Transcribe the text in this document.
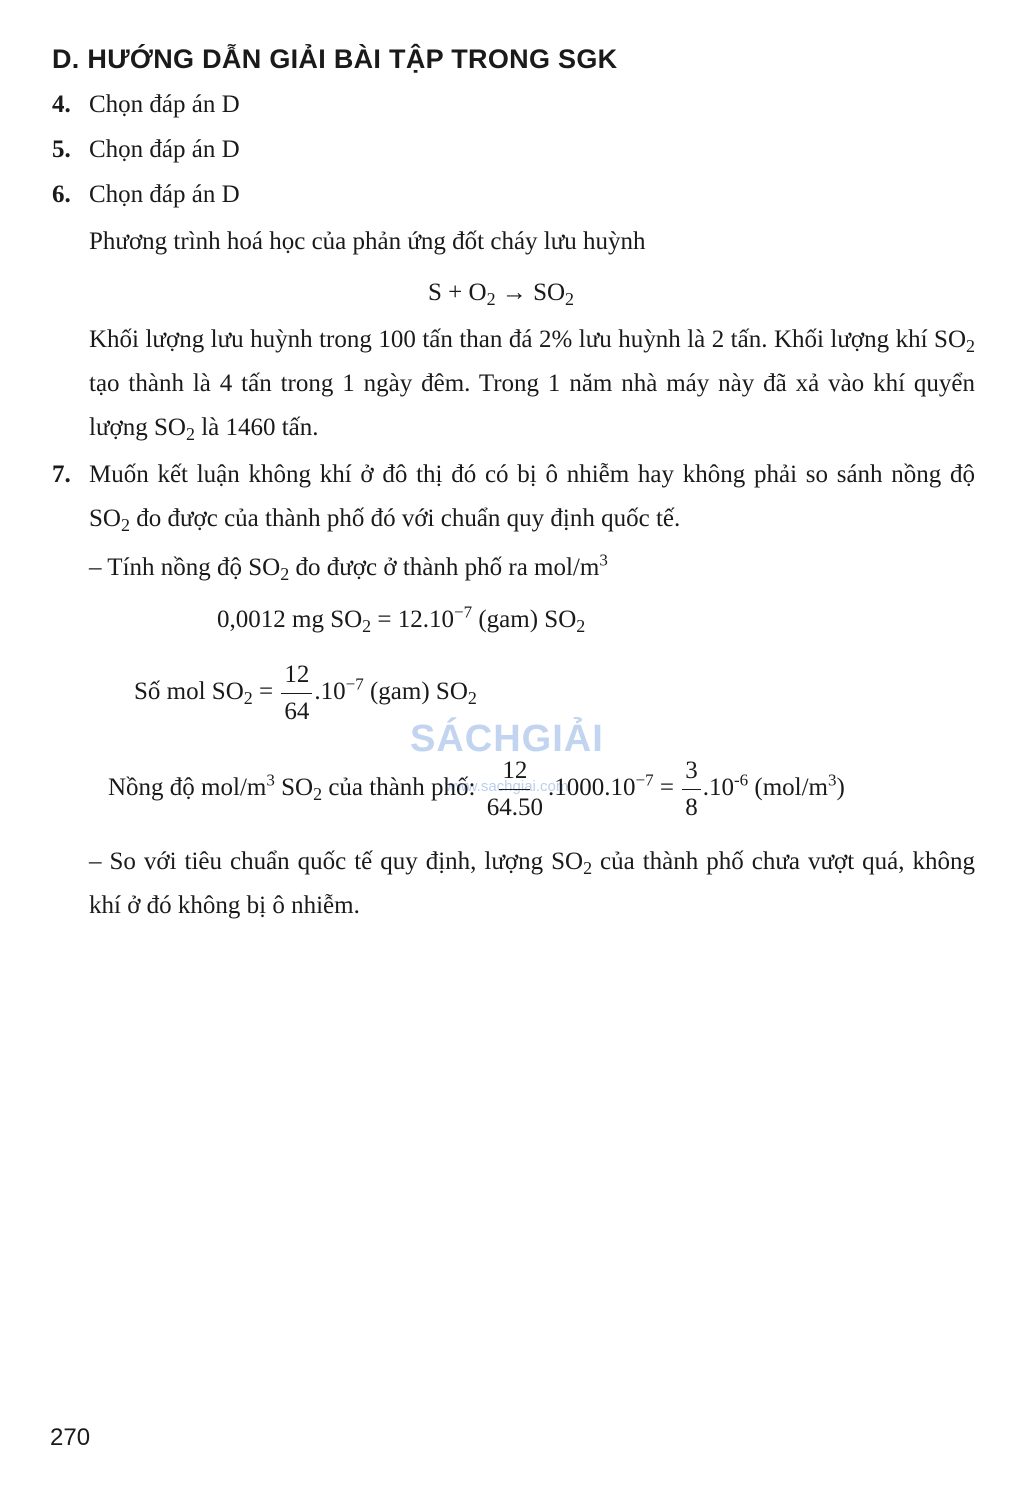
D. HƯỚNG DẪN GIẢI BÀI TẬP TRONG SGK
4. Chọn đáp án D
5. Chọn đáp án D
6. Chọn đáp án D
Phương trình hoá học của phản ứng đốt cháy lưu huỳnh
$S + O_2 \to SO_2$
Khối lượng lưu huỳnh trong 100 tấn than đá 2% lưu huỳnh là 2 tấn. Khối lượng khí $SO_2$ tạo thành là 4 tấn trong 1 ngày đêm. Trong 1 năm nhà máy này đã xả vào khí quyển lượng $SO_2$ là 1460 tấn.
7. Muốn kết luận không khí ở đô thị đó có bị ô nhiễm hay không phải so sánh nồng độ $SO_2$ đo được của thành phố đó với chuẩn quy định quốc tế.
– Tính nồng độ $SO_2$ đo được ở thành phố ra mol/$m^3$
0,0012 mg $SO_2 = 12.10^{-7}$ (gam) $SO_2$
Số mol $SO_2 = \frac{12}{64} .10^{-7}$ (gam) $SO_2$
SÁCHGIẢI
www.sachgiai.com
Nồng độ mol/$m^3$ $SO_2$ của thành phố: $\frac{12}{64.50} .1000.10^{-7} = \frac{3}{8} .10^{-6}$ $(mol/m^3)$
– So với tiêu chuẩn quốc tế quy định, lượng $SO_2$ của thành phố chưa vượt quá, không khí ở đó không bị ô nhiễm.
270
